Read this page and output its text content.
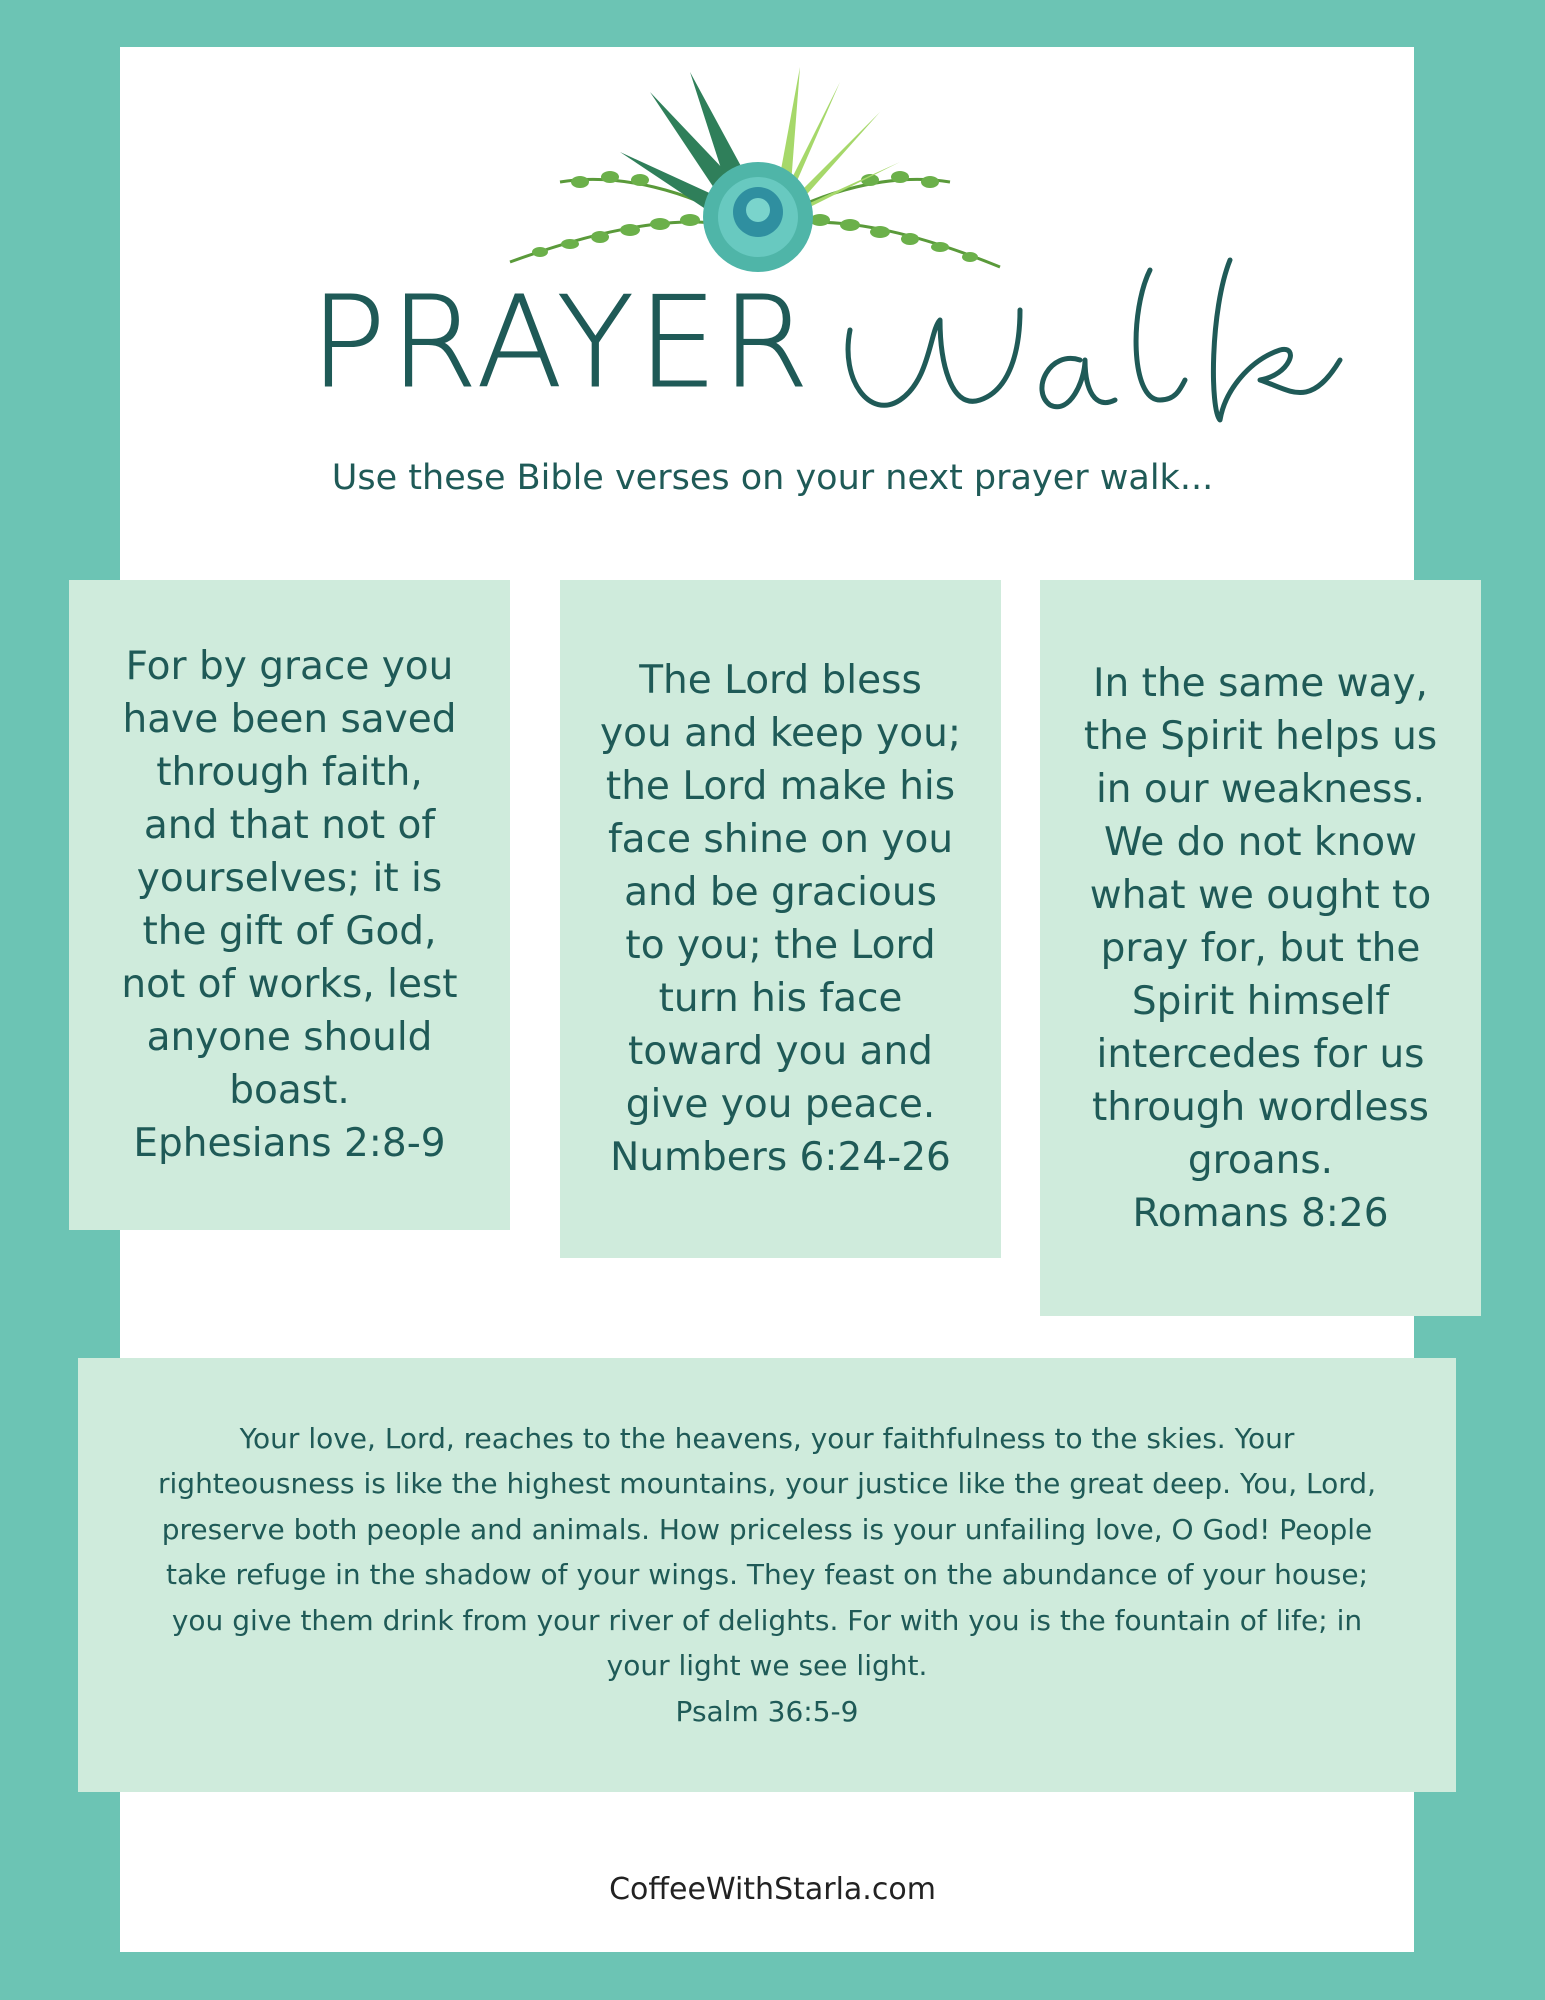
PRAYER
Use these Bible verses on your next prayer walk...
For by grace you
have been saved
through faith,
and that not of
yourselves; it is
the gift of God,
not of works, lest
anyone should
boast.
Ephesians 2:8-9
The Lord bless
you and keep you;
the Lord make his
face shine on you
and be gracious
to you; the Lord
turn his face
toward you and
give you peace.
Numbers 6:24-26
In the same way,
the Spirit helps us
in our weakness.
We do not know
what we ought to
pray for, but the
Spirit himself
intercedes for us
through wordless
groans.
Romans 8:26
Your love, Lord, reaches to the heavens, your faithfulness to the skies. Your righteousness is like the highest mountains, your justice like the great deep. You, Lord, preserve both people and animals. How priceless is your unfailing love, O God! People take refuge in the shadow of your wings. They feast on the abundance of your house; you give them drink from your river of delights. For with you is the fountain of life; in your light we see light.
Psalm 36:5-9
CoffeeWithStarla.com
